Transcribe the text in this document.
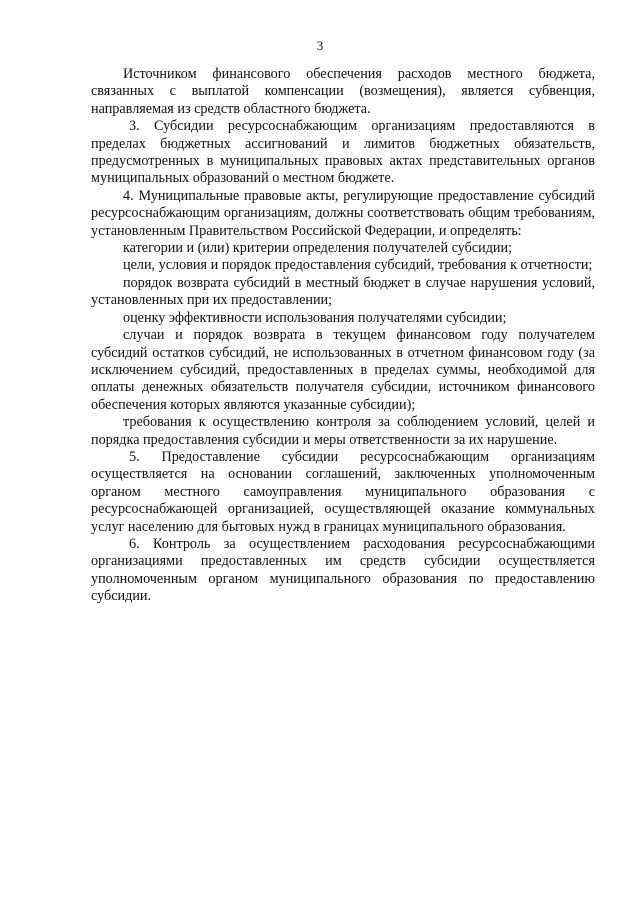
3

Источником финансового обеспечения расходов местного бюджета, связанных с выплатой компенсации (возмещения), является субвенция, направляемая из средств областного бюджета.

3. Субсидии ресурсоснабжающим организациям предоставляются в пределах бюджетных ассигнований и лимитов бюджетных обязательств, предусмотренных в муниципальных правовых актах представительных органов муниципальных образований о местном бюджете.

4. Муниципальные правовые акты, регулирующие предоставление субсидий ресурсоснабжающим организациям, должны соответствовать общим требованиям, установленным Правительством Российской Федерации, и определять:

категории и (или) критерии определения получателей субсидии;

цели, условия и порядок предоставления субсидий, требования к отчетности;

порядок возврата субсидий в местный бюджет в случае нарушения условий, установленных при их предоставлении;

оценку эффективности использования получателями субсидии;

случаи и порядок возврата в текущем финансовом году получателем субсидий остатков субсидий, не использованных в отчетном финансовом году (за исключением субсидий, предоставленных в пределах суммы, необходимой для оплаты денежных обязательств получателя субсидии, источником финансового обеспечения которых являются указанные субсидии);

требования к осуществлению контроля за соблюдением условий, целей и порядка предоставления субсидии и меры ответственности за их нарушение.

5. Предоставление субсидии ресурсоснабжающим организациям осуществляется на основании соглашений, заключенных уполномоченным органом местного самоуправления муниципального образования с ресурсоснабжающей организацией, осуществляющей оказание коммунальных услуг населению для бытовых нужд в границах муниципального образования.

6. Контроль за осуществлением расходования ресурсоснабжающими организациями предоставленных им средств субсидии осуществляется уполномоченным органом муниципального образования по предоставлению субсидии.
